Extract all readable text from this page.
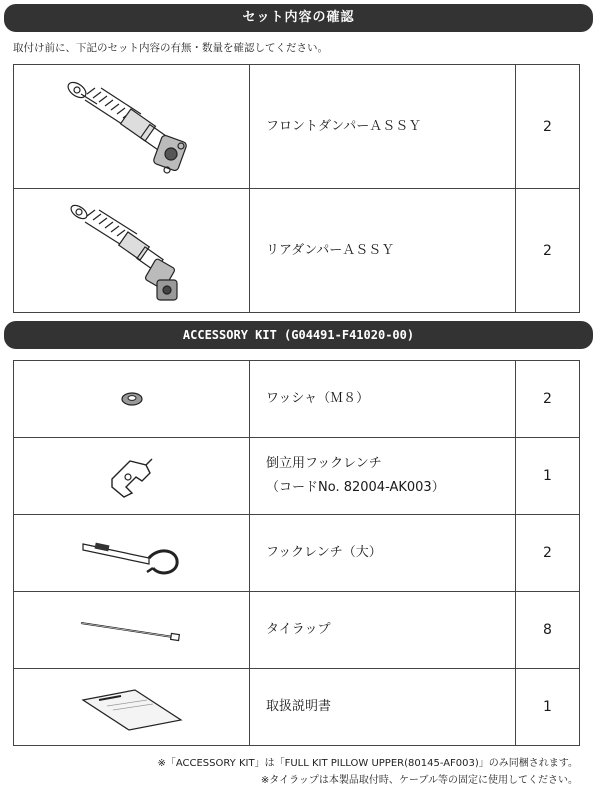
セット内容の確認
取付け前に、下記のセット内容の有無・数量を確認してください。
	フロントダンパーＡＳＳＹ	2

	リアダンパーＡＳＳＹ	2
ACCESSORY KIT (G04491-F41020-00)
	ワッシャ（Ｍ８）	2

倒立用フックレンチ
（コードNo. 82004-AK003）	1

	フックレンチ（大）	2

	タイラップ	8

	取扱説明書	1
※「ACCESSORY KIT」は「FULL KIT PILLOW UPPER(80145-AF003)」のみ同梱されます。
※タイラップは本製品取付時、ケーブル等の固定に使用してください。
